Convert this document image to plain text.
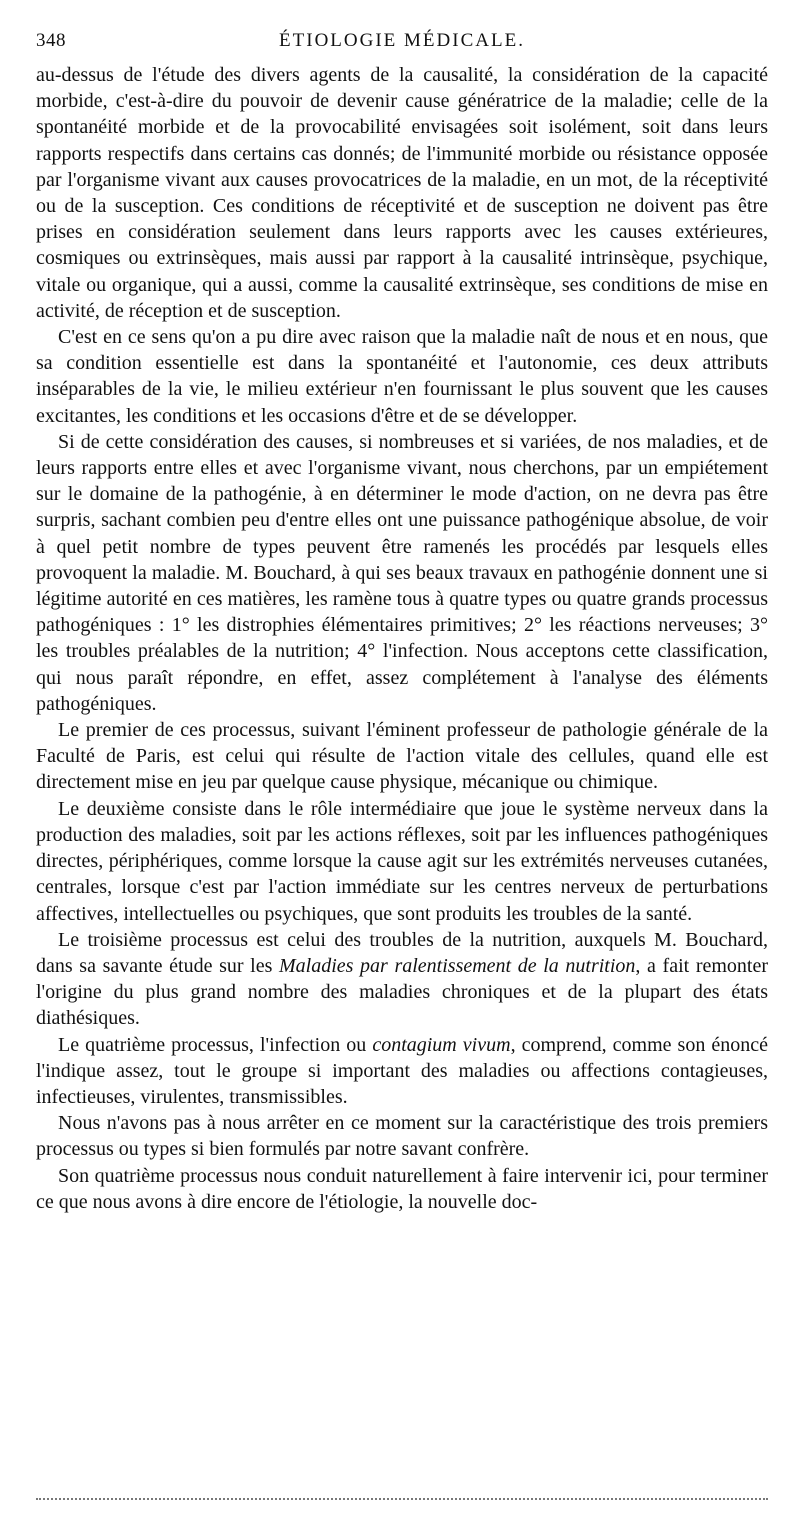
348	ÉTIOLOGIE MÉDICALE.

au-dessus de l'étude des divers agents de la causalité, la considération de la capacité morbide, c'est-à-dire du pouvoir de devenir cause génératrice de la maladie; celle de la spontanéité morbide et de la provocabilité envisagées soit isolément, soit dans leurs rapports respectifs dans certains cas donnés; de l'immunité morbide ou résistance opposée par l'organisme vivant aux causes provocatrices de la maladie, en un mot, de la réceptivité ou de la susception. Ces conditions de réceptivité et de susception ne doivent pas être prises en considération seulement dans leurs rapports avec les causes extérieures, cosmiques ou extrinsèques, mais aussi par rapport à la causalité intrinsèque, psychique, vitale ou organique, qui a aussi, comme la causalité extrinsèque, ses conditions de mise en activité, de réception et de susception.

C'est en ce sens qu'on a pu dire avec raison que la maladie naît de nous et en nous, que sa condition essentielle est dans la spontanéité et l'autonomie, ces deux attributs inséparables de la vie, le milieu extérieur n'en fournissant le plus souvent que les causes excitantes, les conditions et les occasions d'être et de se développer.

Si de cette considération des causes, si nombreuses et si variées, de nos maladies, et de leurs rapports entre elles et avec l'organisme vivant, nous cherchons, par un empiétement sur le domaine de la pathogénie, à en déterminer le mode d'action, on ne devra pas être surpris, sachant combien peu d'entre elles ont une puissance pathogénique absolue, de voir à quel petit nombre de types peuvent être ramenés les procédés par lesquels elles provoquent la maladie. M. Bouchard, à qui ses beaux travaux en pathogénie donnent une si légitime autorité en ces matières, les ramène tous à quatre types ou quatre grands processus pathogéniques : 1° les distrophies élémentaires primitives; 2° les réactions nerveuses; 3° les troubles préalables de la nutrition; 4° l'infection. Nous acceptons cette classification, qui nous paraît répondre, en effet, assez complétement à l'analyse des éléments pathogéniques.

Le premier de ces processus, suivant l'éminent professeur de pathologie générale de la Faculté de Paris, est celui qui résulte de l'action vitale des cellules, quand elle est directement mise en jeu par quelque cause physique, mécanique ou chimique.

Le deuxième consiste dans le rôle intermédiaire que joue le système nerveux dans la production des maladies, soit par les actions réflexes, soit par les influences pathogéniques directes, périphériques, comme lorsque la cause agit sur les extrémités nerveuses cutanées, centrales, lorsque c'est par l'action immédiate sur les centres nerveux de perturbations affectives, intellectuelles ou psychiques, que sont produits les troubles de la santé.

Le troisième processus est celui des troubles de la nutrition, auxquels M. Bouchard, dans sa savante étude sur les Maladies par ralentissement de la nutrition, a fait remonter l'origine du plus grand nombre des maladies chroniques et de la plupart des états diathésiques.

Le quatrième processus, l'infection ou contagium vivum, comprend, comme son énoncé l'indique assez, tout le groupe si important des maladies ou affections contagieuses, infectieuses, virulentes, transmissibles.

Nous n'avons pas à nous arrêter en ce moment sur la caractéristique des trois premiers processus ou types si bien formulés par notre savant confrère.

Son quatrième processus nous conduit naturellement à faire intervenir ici, pour terminer ce que nous avons à dire encore de l'étiologie, la nouvelle doc-
